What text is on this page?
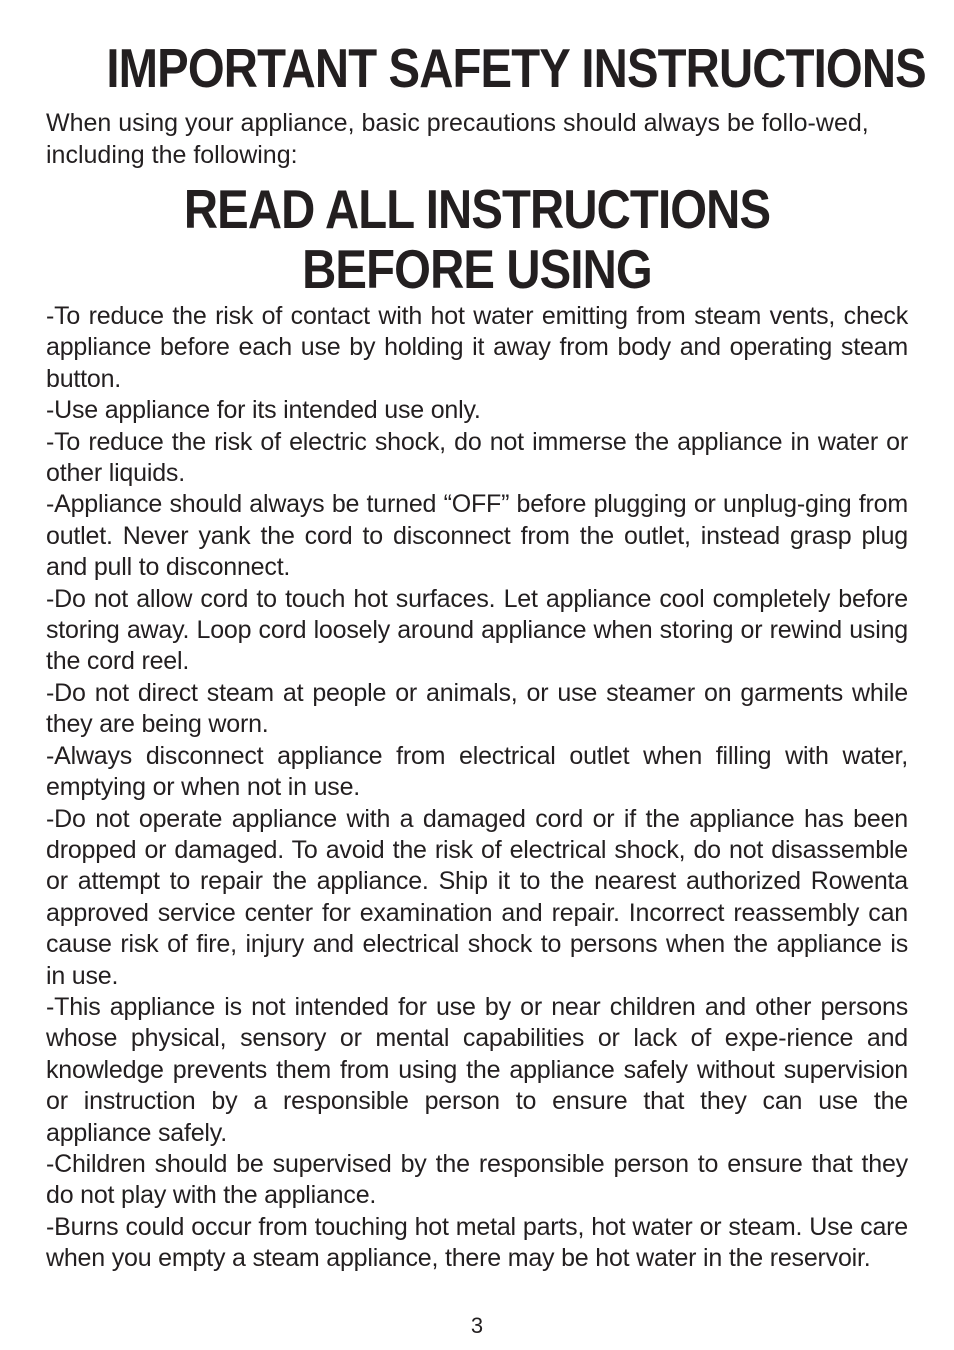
IMPORTANT SAFETY INSTRUCTIONS

When using your appliance, basic precautions should always be follo-wed, including the following:

READ ALL INSTRUCTIONS
BEFORE USING
-To reduce the risk of contact with hot water emitting from steam vents, check appliance before each use by holding it away from body and operating steam button.
-Use appliance for its intended use only.
-To reduce the risk of electric shock, do not immerse the appliance in water or other liquids.
-Appliance should always be turned “OFF” before plugging or unplug-ging from outlet. Never yank the cord to disconnect from the outlet, instead grasp plug and pull to disconnect.
-Do not allow cord to touch hot surfaces. Let appliance cool completely before storing away. Loop cord loosely around appliance when storing or rewind using the cord reel.
-Do not direct steam at people or animals, or use steamer on garments while they are being worn.
-Always disconnect appliance from electrical outlet when filling with water, emptying or when not in use.
-Do not operate appliance with a damaged cord or if the appliance has been dropped or damaged. To avoid the risk of electrical shock, do not disassemble or attempt to repair the appliance. Ship it to the nearest authorized Rowenta approved service center for examination and repair. Incorrect reassembly can cause risk of fire, injury and electrical shock to persons when the appliance is in use.
-This appliance is not intended for use by or near children and other persons whose physical, sensory or mental capabilities or lack of expe-rience and knowledge prevents them from using the appliance safely without supervision or instruction by a responsible person to ensure that they can use the appliance safely.
-Children should be supervised by the responsible person to ensure that they do not play with the appliance.
-Burns could occur from touching hot metal parts, hot water or steam. Use care when you empty a steam appliance, there may be hot water in the reservoir.
3
